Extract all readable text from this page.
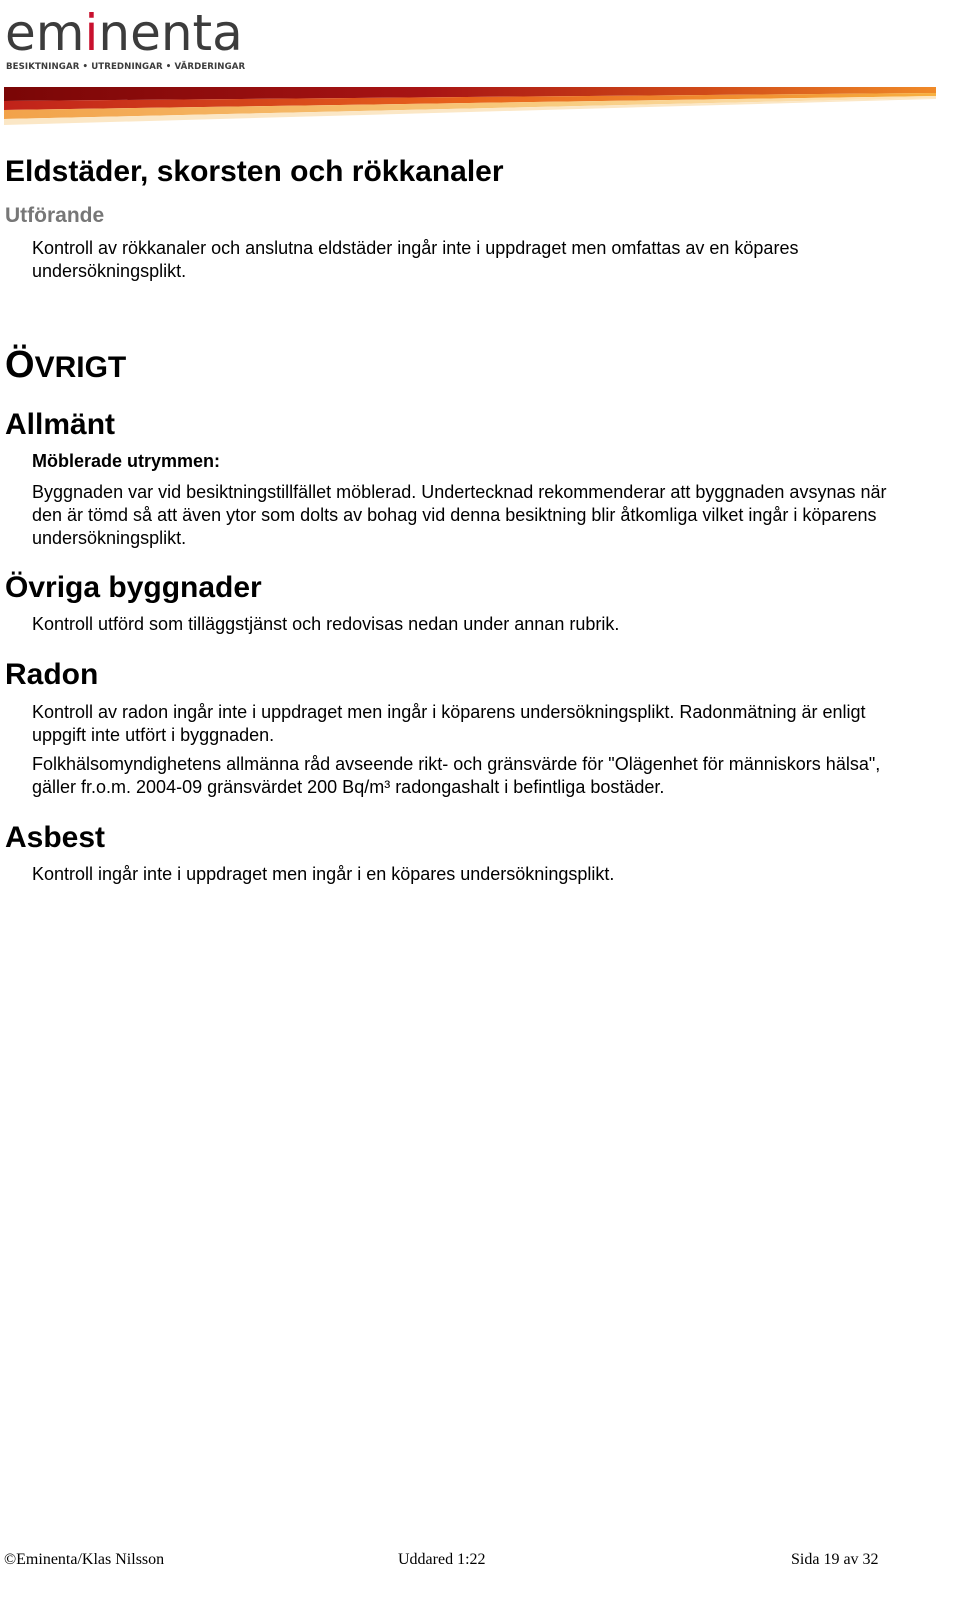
eminenta
BESIKTNINGAR • UTREDNINGAR • VÄRDERINGAR
Eldstäder, skorsten och rökkanaler
Utförande

Kontroll av rökkanaler och anslutna eldstäder ingår inte i uppdraget men omfattas av en köpares undersökningsplikt.

ÖVRIGT
Allmänt
Möblerade utrymmen:

Byggnaden var vid besiktningstillfället möblerad. Undertecknad rekommenderar att byggnaden avsynas när den är tömd så att även ytor som dolts av bohag vid denna besiktning blir åtkomliga vilket ingår i köparens undersökningsplikt.

Övriga byggnader

Kontroll utförd som tilläggstjänst och redovisas nedan under annan rubrik.

Radon

Kontroll av radon ingår inte i uppdraget men ingår i köparens undersökningsplikt. Radonmätning är enligt uppgift inte utfört i byggnaden.

Folkhälsomyndighetens allmänna råd avseende rikt- och gränsvärde för "Olägenhet för människors hälsa", gäller fr.o.m. 2004-09 gränsvärdet 200 Bq/m³ radongashalt i befintliga bostäder.

Asbest

Kontroll ingår inte i uppdraget men ingår i en köpares undersökningsplikt.

©Eminenta/Klas Nilsson	Uddared 1:22	Sida 19 av 32
